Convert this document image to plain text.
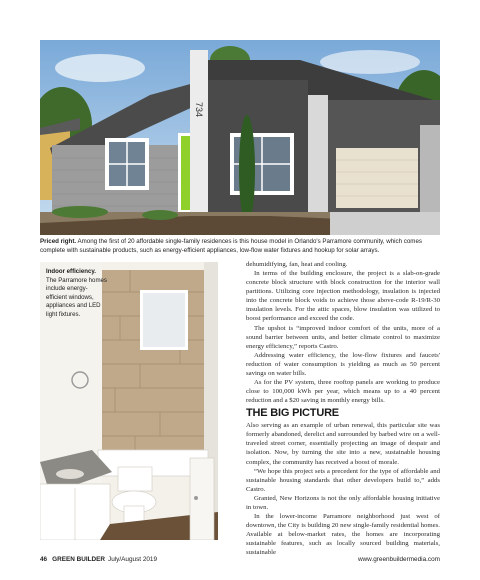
734
Priced right. Among the first of 20 affordable single-family residences is this house model in Orlando's Parramore community, which comes complete with sustainable products, such as energy-efficient appliances, low-flow water fixtures and hookup for solar arrays.
Indoor efficiency.
The Parramore homes include energy-efficient windows, appliances and LED light fixtures.

dehumidifying, fan, heat and cooling.

In terms of the building enclosure, the project is a slab-on-grade concrete block structure with block construction for the interior wall partitions. Utilizing core injection methodology, insulation is injected into the concrete block voids to achieve those above-code R-19/R-30 insulation levels. For the attic spaces, blow insulation was utilized to boost performance and exceed the code.

The upshot is “improved indoor comfort of the units, more of a sound barrier between units, and better climate control to maximize energy efficiency,” reports Castro.

Addressing water efficiency, the low-flow fixtures and faucets' reduction of water consumption is yielding as much as 50 percent savings on water bills.

As for the PV system, three rooftop panels are working to produce close to 100,000 kWh per year, which means up to a 40 percent reduction and a $20 saving in monthly energy bills.

THE BIG PICTURE

Also serving as an example of urban renewal, this particular site was formerly abandoned, derelict and surrounded by barbed wire on a well-traveled street corner, essentially projecting an image of despair and isolation. Now, by turning the site into a new, sustainable housing complex, the community has received a boost of morale.

“We hope this project sets a precedent for the type of affordable and sustainable housing standards that other developers build to,” adds Castro.

Granted, New Horizons is not the only affordable housing initiative in town.

In the lower-income Parramore neighborhood just west of downtown, the City is building 20 new single-family residential homes. Available at below-market rates, the homes are incorporating sustainable features, such as locally sourced building materials, sustainable

46 GREEN BUILDER July/August 2019	www.greenbuildermedia.com
